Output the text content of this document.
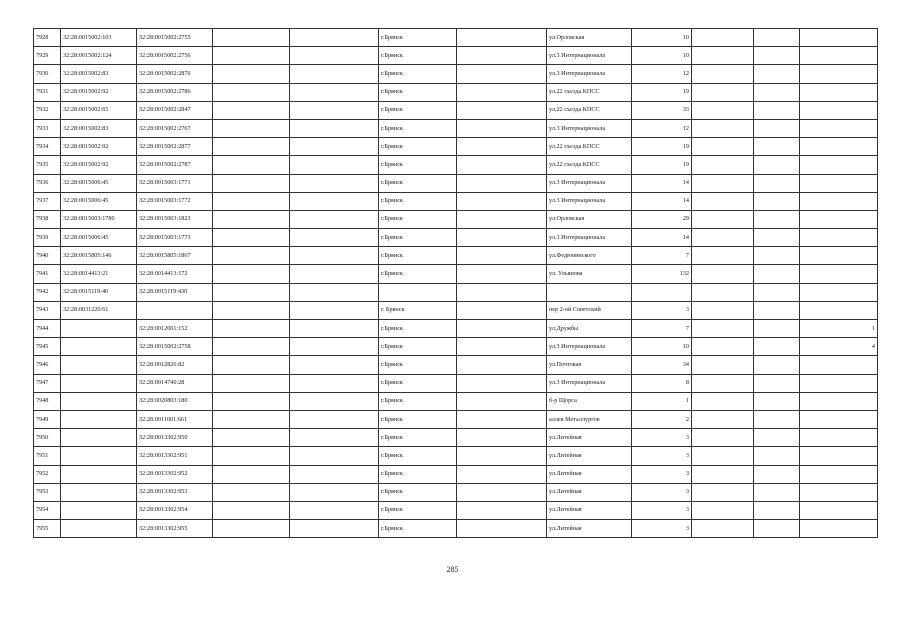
7928	32:28:0015002:103	32:28:0015002:2755			г.Брянск		ул.Орловская	10			
7929	32:28:0015002:124	32:28:0015002:2756			г.Брянск		ул.3 Интернационала	10			
7930	32:28:0015002:83	32:28:0015002:2876			г.Брянск		ул.3 Интернационала	12			
7931	32:28:0015002:92	32:28:0015002:2786			г.Брянск		ул.22 съезда КПСС	19			
7932	32:28:0015002:65	32:28:0015002:2847			г.Брянск		ул.22 съезда КПСС	33			
7933	32:28:0015002:83	32:28:0015002:2767			г.Брянск		ул.3 Интернационала	12			
7934	32:28:0015002:92	32:28:0015002:2877			г.Брянск		ул.22 съезда КПСС	19			
7935	32:28:0015002:92	32:28:0015002:2787			г.Брянск		ул.22 съезда КПСС	19			
7936	32:28:0015006:45	32:28:0015003:1771			г.Брянск		ул.3 Интернационала	14			
7937	32:28:0015006:45	32:28:0015003:1772			г.Брянск		ул.3 Интернационала	14			
7938	32:28:0015003:1780	32:28:0015003:1823			г.Брянск		ул.Орловская	29			
7939	32:28:0015006:45	32:28:0015003:1773			г.Брянск		ул.3 Интернационала	14			
7940	32:28:0015805:146	32:28:0015805:1867			г.Брянск		ул.Федюнинского	7			
7941	32:28:0014413:21	32:28:0014413:172			г.Брянск		ул. Ульянова	132			
7942	32:28:0015119:40	32:28:0015119:430									
7943	32:28:0031220:61				г. Брянск		пер 2-ой Советский	3			
7944		32:28:0012001:152			г.Брянск		ул.Дружбы	7			1
7945		32:28:0015002:2758			г.Брянск		ул.3 Интернационала	10			4
7946		32:28:0012826:82			г.Брянск		ул.Почтовая	34			
7947		32:28:0014740:28			г.Брянск		ул.3 Интернационала	8			
7948		32:28:0020803:180			г.Брянск		б-р Щорса	1			
7949		32:28:0011001:661			г.Брянск		аллея Металлургов	2			
7950		32:28:0013302:950			г.Брянск		ул.Литейная	3			
7951		32:28:0013302:951			г.Брянск		ул.Литейная	3			
7952		32:28:0013302:952			г.Брянск		ул.Литейная	3			
7953		32:28:0013302:953			г.Брянск		ул.Литейная	3			
7954		32:28:0013302:954			г.Брянск		ул.Литейная	3			
7955		32:28:0013302:955			г.Брянск		ул.Литейная	3			
285
